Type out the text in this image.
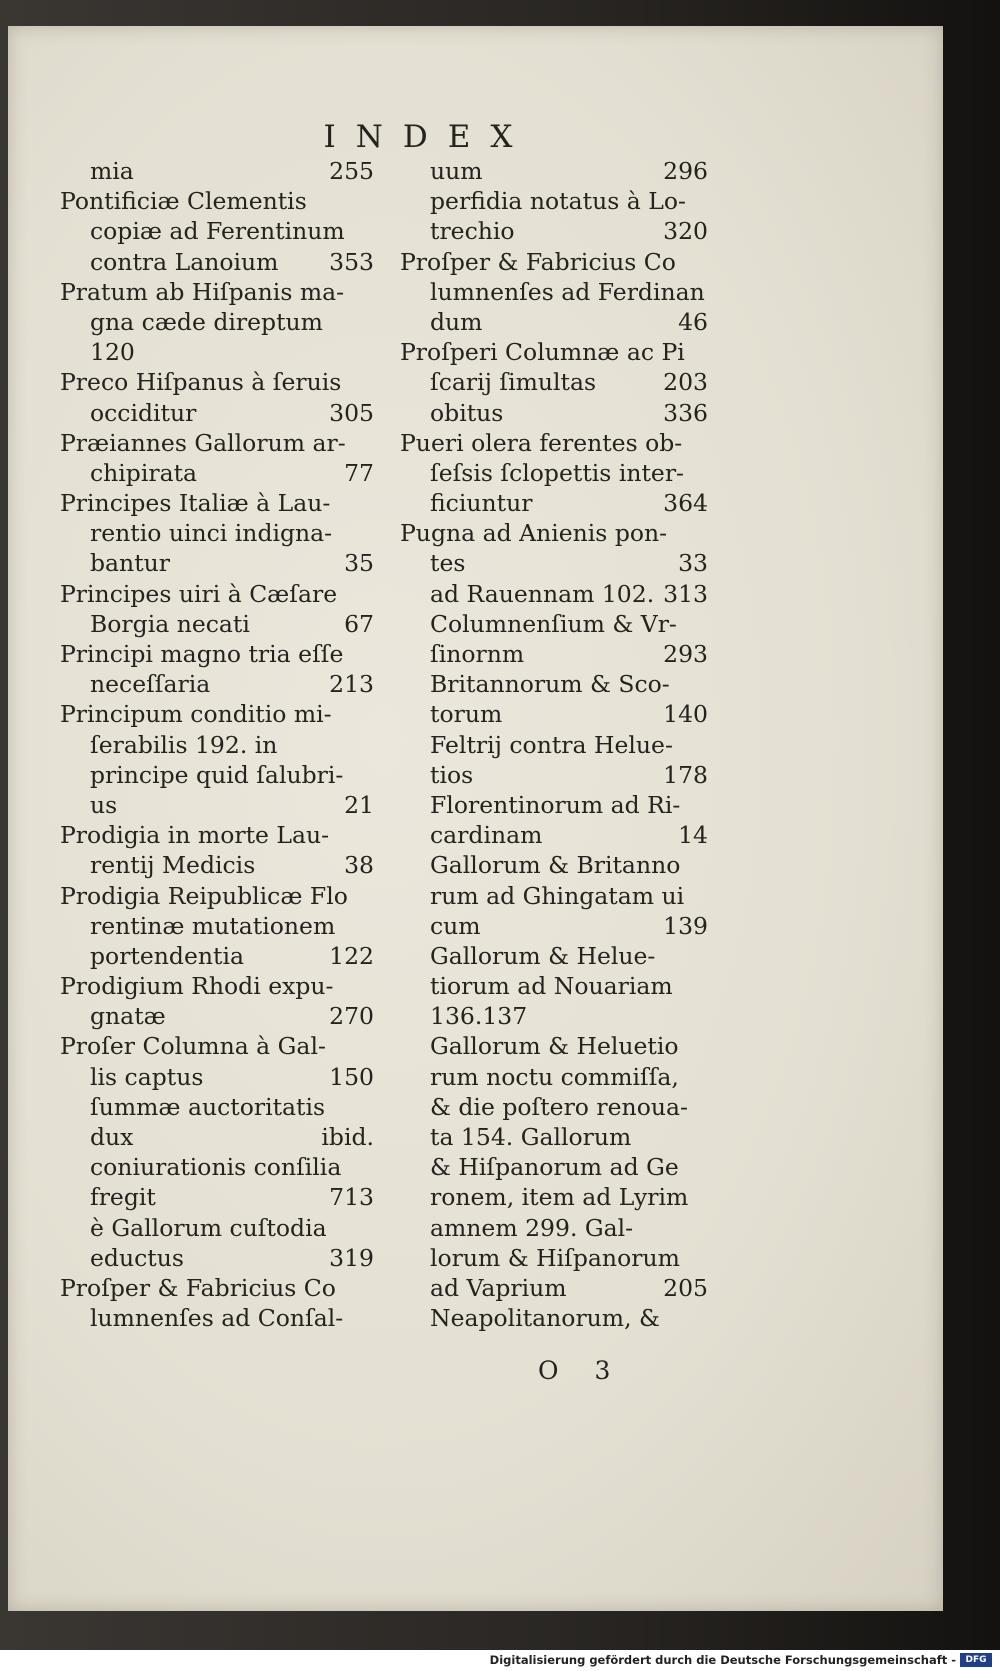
INDEX
mia	255
Pontificiæ Clementis
copiæ ad Ferentinum
contra Lanoium 353
Pratum ab Hiſpanis ma-
gna cæde direptum
120
Preco Hiſpanus à ſeruis
occiditur	305
Præiannes Gallorum ar-
chipirata	77
Principes Italiæ à Lau-
rentio uinci indigna-
bantur	35
Principes uiri à Cæſare
Borgia necati	67
Principi magno tria eſſe
neceſſaria	213
Principum conditio mi-
ſerabilis 192. in
principe quid ſalubri-
us	21
Prodigia in morte Lau-
rentij Medicis	38
Prodigia Reipublicæ Flo
rentinæ mutationem
portendentia	122
Prodigium Rhodi expu-
gnatæ	270
Proſer Columna à Gal-
lis captus	150
ſummæ auctoritatis
dux	ibid.
coniurationis conſilia
fregit	713
è Gallorum cuſtodia
eductus	319
Proſper & Fabricius Co
lumnenſes ad Conſal-
uum	296
perfidia notatus à Lo-
trechio	320
Proſper & Fabricius Co
lumnenſes ad Ferdinan
dum	46
Proſperi Columnæ ac Pi
ſcarij ſimultas	203
obitus	336
Pueri olera ferentes ob-
ſeſsis ſclopettis inter-
ficiuntur	364
Pugna ad Anienis pon-
tes	33
ad Rauennam 102. 313
Columnenſium & Vr-
ſinornm	293
Britannorum & Sco-
torum	140
Feltrij contra Helue-
tios	178
Florentinorum ad Ri-
cardinam	14
Gallorum & Britanno
rum ad Ghingatam ui
cum	139
Gallorum & Helue-
tiorum ad Nouariam
136.137
Gallorum & Heluetio
rum noctu commiſſa,
& die poſtero renoua-
ta 154. Gallorum
& Hiſpanorum ad Ge
ronem, item ad Lyrim
amnem 299. Gal-
lorum & Hiſpanorum
ad Vaprium	205
Neapolitanorum, &
O 3
Digitalisierung gefördert durch die Deutsche Forschungsgemeinschaft -	DFG
